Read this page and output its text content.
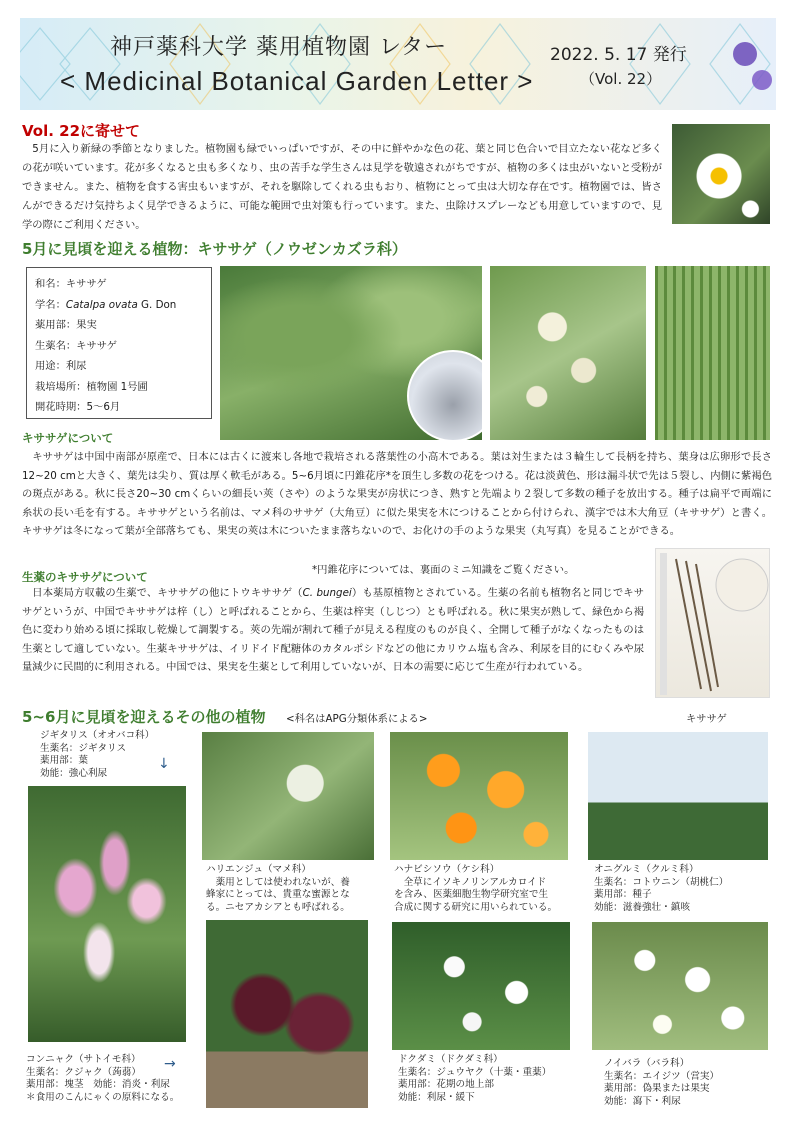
神戸薬科大学 薬用植物園 レター
< Medicinal Botanical Garden Letter >
2022. 5. 17 発行
（Vol. 22）
Vol. 22に寄せて
5月に入り新緑の季節となりました。植物園も緑でいっぱいですが、その中に鮮やかな色の花、葉と同じ色合いで目立たない花など多くの花が咲いています。花が多くなると虫も多くなり、虫の苦手な学生さんは見学を敬遠されがちですが、植物の多くは虫がいないと受粉ができません。また、植物を食する害虫もいますが、それを駆除してくれる虫もおり、植物にとって虫は大切な存在です。植物園では、皆さんができるだけ気持ちよく見学できるように、可能な範囲で虫対策も行っています。また、虫除けスプレーなども用意していますので、見学の際にご利用ください。
5月に見頃を迎える植物：キササゲ（ノウゼンカズラ科）
和名：キササゲ
学名：Catalpa ovata G. Don
薬用部：果実
生薬名：キササゲ
用途：利尿
栽培場所：植物園 1号圃
開花時期：5～6月
キササゲについて
キササゲは中国中南部が原産で、日本には古くに渡来し各地で栽培される落葉性の小高木である。葉は対生または３輪生して長柄を持ち、葉身は広卵形で長さ12~20 cmと大きく、葉先は尖り、質は厚く軟毛がある。5~6月頃に円錐花序*を頂生し多数の花をつける。花は淡黄色、形は漏斗状で先は５裂し、内側に紫褐色の斑点がある。秋に長さ20~30 cmくらいの細長い莢（さや）のような果実が房状につき、熟すと先端より２裂して多数の種子を放出する。種子は扁平で両端に糸状の長い毛を有する。キササゲという名前は、マメ科のササゲ（大角豆）に似た果実を木につけることから付けられ、漢字では木大角豆（キササゲ）と書く。キササゲは冬になって葉が全部落ちても、果実の莢は木についたまま落ちないので、お化けの手のような果実（丸写真）を見ることができる。
*円錐花序については、裏面のミニ知識をご覧ください。
生薬のキササゲについて
日本薬局方収載の生薬で、キササゲの他にトウキササゲ（C. bungei）も基原植物とされている。生薬の名前も植物名と同じでキササゲというが、中国でキササゲは梓（し）と呼ばれることから、生薬は梓実（しじつ）とも呼ばれる。秋に果実が熟して、緑色から褐色に変わり始める頃に採取し乾燥して調製する。莢の先端が割れて種子が見える程度のものが良く、全開して種子がなくなったものは生薬として適していない。生薬キササゲは、イリドイド配糖体のカタルポシドなどの他にカリウム塩も含み、利尿を目的にむくみや尿量減少に民間的に利用される。中国では、果実を生薬として利用していないが、日本の需要に応じて生産が行われている。
キササゲ
5~6月に見頃を迎えるその他の植物 <科名はAPG分類体系による>
ジギタリス（オオバコ科）
生薬名：ジギタリス
薬用部：葉
効能：強心利尿
↓
ハリエンジュ（マメ科）
　薬用としては使われないが、養
蜂家にとっては、貴重な蜜源とな
る。ニセアカシアとも呼ばれる。
ハナビシソウ（ケシ科）
　全草にイソキノリンアルカロイド
を含み、医薬細胞生物学研究室で生
合成に関する研究に用いられている。
オニグルミ（クルミ科）
生薬名：コトウニン（胡桃仁）
薬用部：種子
効能：滋養強壮・鎮咳
コンニャク（サトイモ科）
生薬名：クジャク（蒟蒻）
薬用部：塊茎　効能：消炎・利尿
＊食用のこんにゃくの原料になる。
→	ドクダミ（ドクダミ科）
生薬名：ジュウヤク（十薬・重薬）
薬用部：花期の地上部
効能：利尿・緩下
ノイバラ（バラ科）
生薬名：エイジツ（営実）
薬用部：偽果または果実
効能：瀉下・利尿
